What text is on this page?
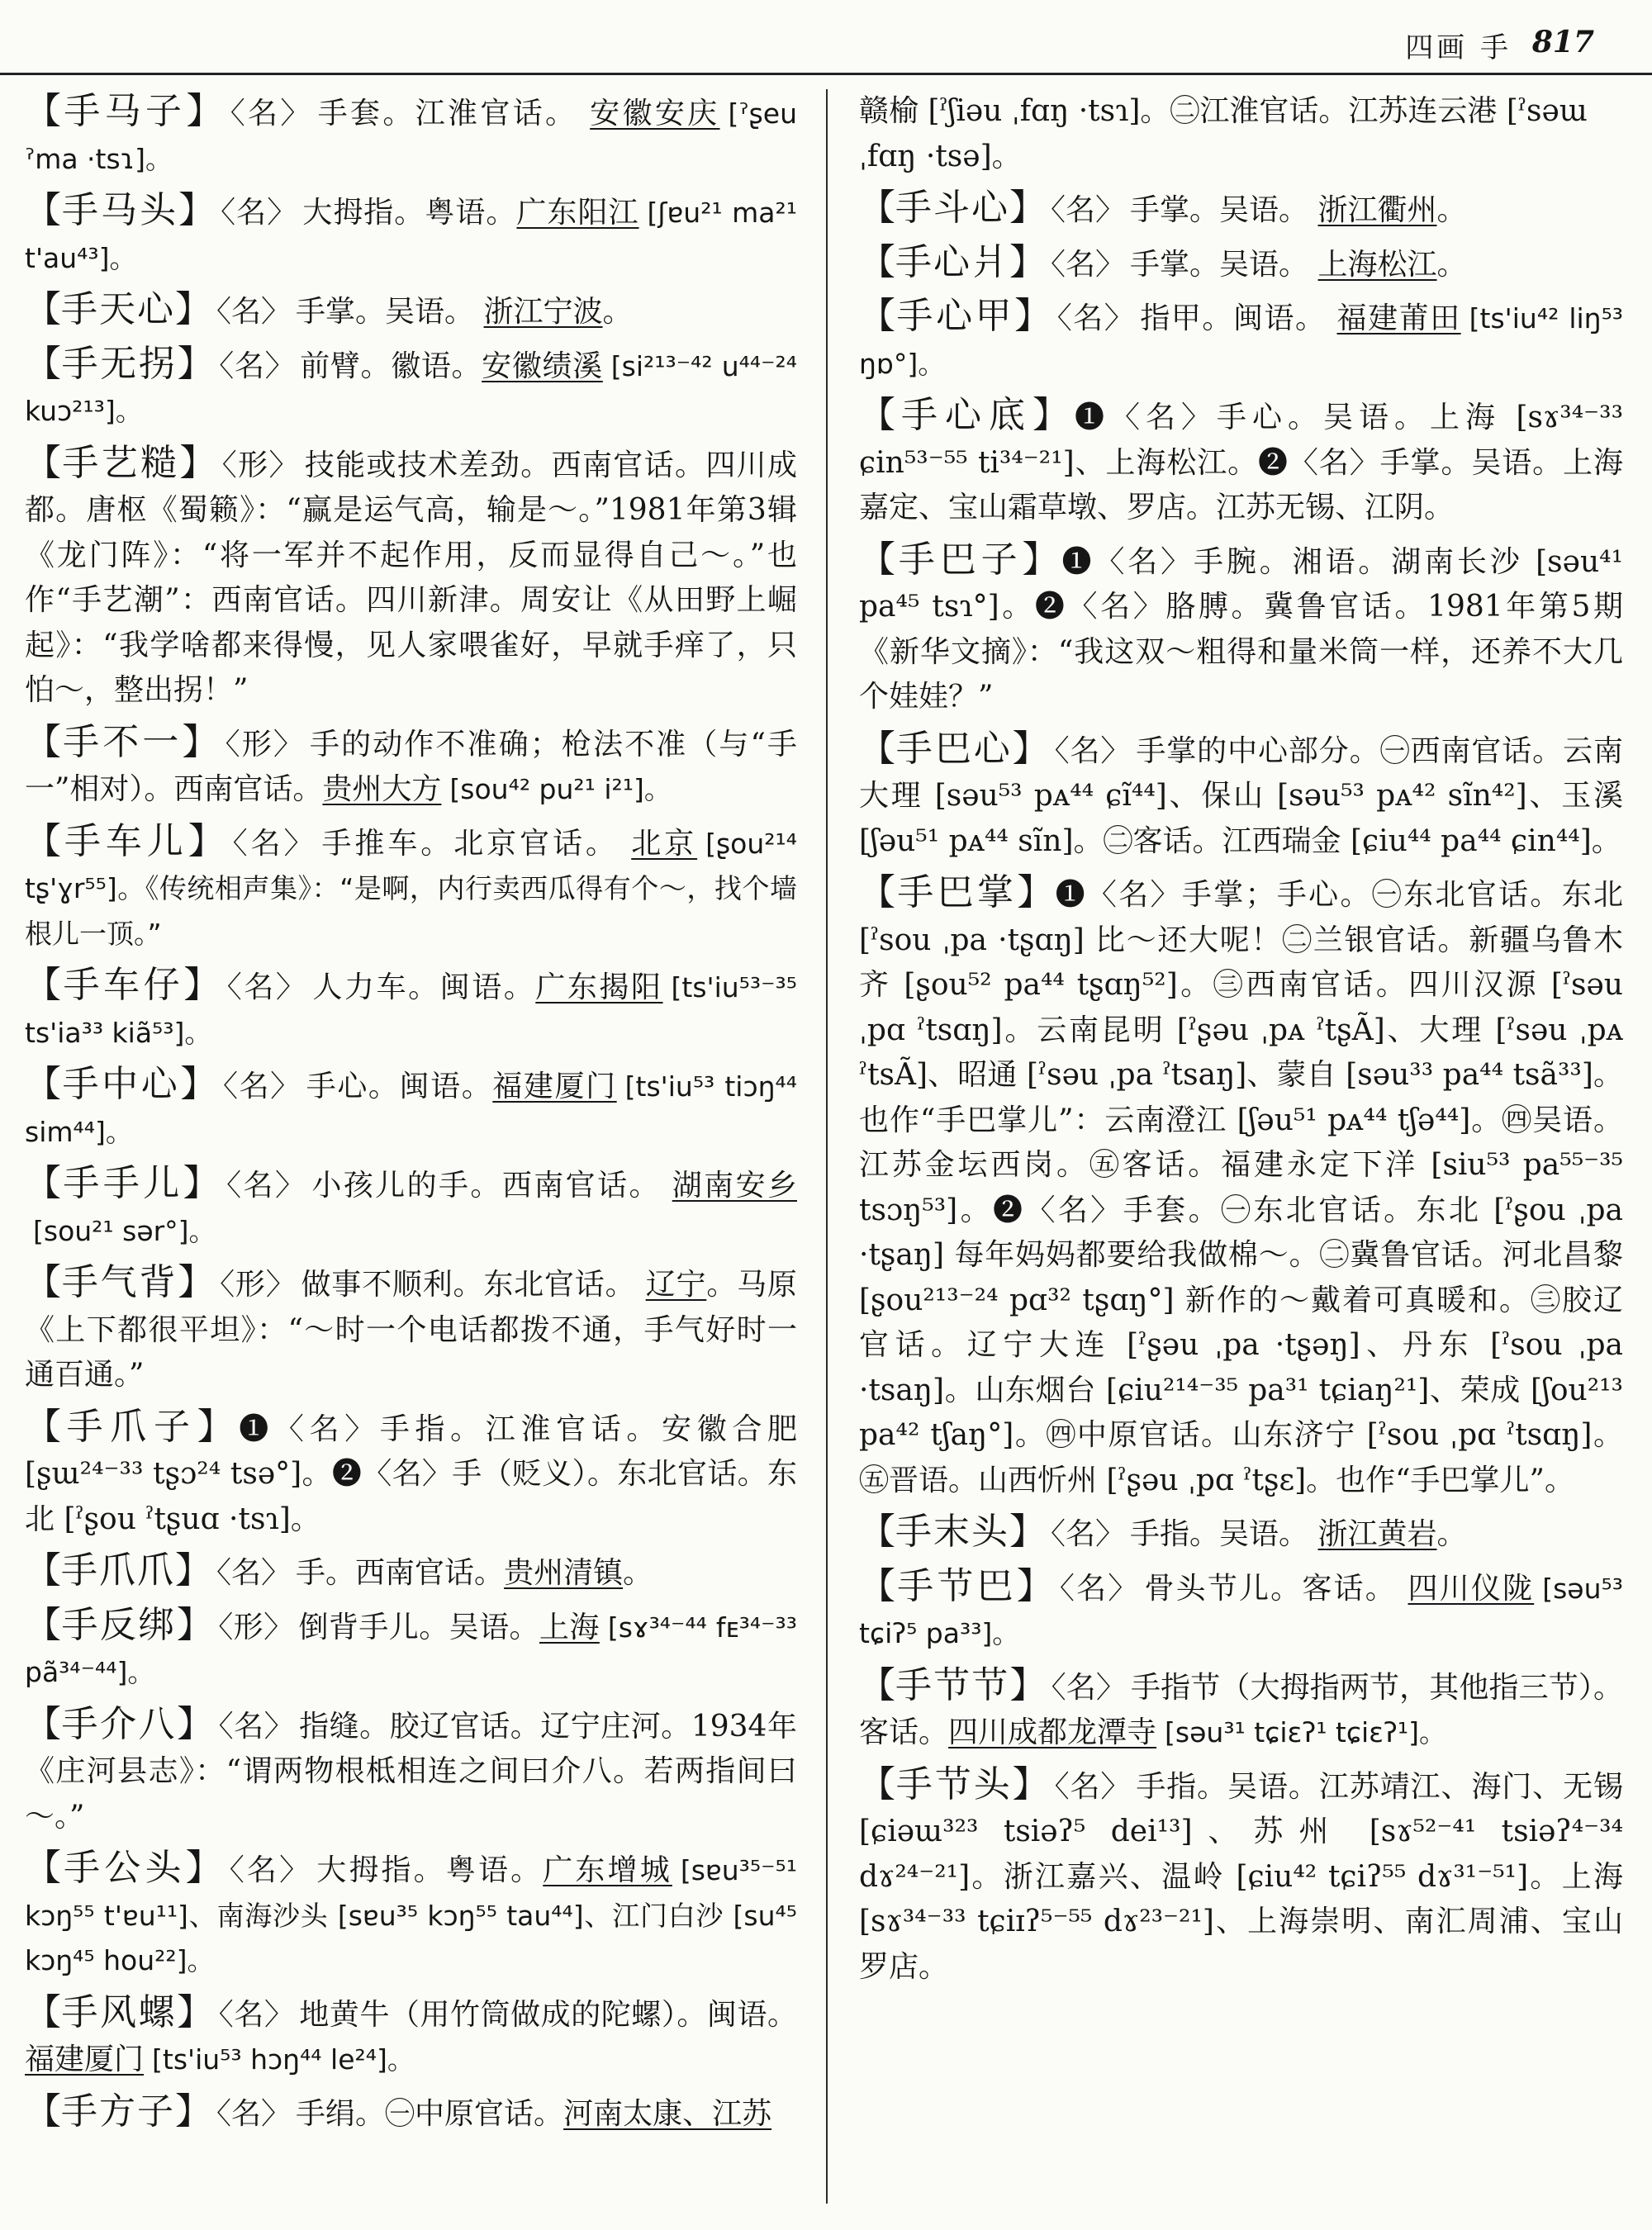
四画 手 817

【手马子】 〈名〉 手套。江淮官话。 安徽安庆 [ˀʂeu ˀma ·tsɿ]。

【手马头】 〈名〉 大拇指。粤语。广东阳江 [ʃɐu²¹ ma²¹ t'au⁴³]。

【手天心】 〈名〉 手掌。吴语。 浙江宁波。

【手无拐】 〈名〉 前臂。徽语。安徽绩溪 [si²¹³⁻⁴² u⁴⁴⁻²⁴ kuɔ²¹³]。

【手艺糙】 〈形〉 技能或技术差劲。西南官话。四川成都。唐枢《蜀籁》：“赢是运气高，输是～。”1981年第3辑《龙门阵》：“将一军并不起作用，反而显得自己～。”也作“手艺潮”：西南官话。四川新津。周安让《从田野上崛起》：“我学啥都来得慢，见人家喂雀好，早就手痒了，只怕～，整出拐！”

【手不一】 〈形〉 手的动作不准确；枪法不准（与“手一”相对）。西南官话。贵州大方 [sou⁴² pu²¹ i²¹]。

【手车儿】 〈名〉 手推车。北京官话。 北京 [ʂou²¹⁴ tʂ'ɣr⁵⁵]。《传统相声集》：“是啊，内行卖西瓜得有个～，找个墙根儿一顶。”

【手车仔】 〈名〉 人力车。闽语。广东揭阳 [ts'iu⁵³⁻³⁵ ts'ia³³ kiã⁵³]。

【手中心】 〈名〉 手心。闽语。福建厦门 [ts'iu⁵³ tiɔŋ⁴⁴ sim⁴⁴]。

【手手儿】 〈名〉 小孩儿的手。西南官话。 湖南安乡[sou²¹ sər°]。

【手气背】 〈形〉 做事不顺利。东北官话。 辽宁。马原《上下都很平坦》：“～时一个电话都拨不通，手气好时一通百通。”

【手爪子】❶〈名〉手指。江淮官话。安徽合肥 [ʂɯ²⁴⁻³³ tʂɔ²⁴ tsə°]。❷〈名〉手（贬义）。东北官话。东北 [ˀʂou ˀtʂuɑ ·tsɿ]。

【手爪爪】 〈名〉 手。西南官话。贵州清镇。

【手反绑】 〈形〉 倒背手儿。吴语。上海 [sɤ³⁴⁻⁴⁴ fᴇ³⁴⁻³³ pã³⁴⁻⁴⁴]。

【手介八】 〈名〉 指缝。胶辽官话。辽宁庄河。1934年《庄河县志》：“谓两物根柢相连之间曰介八。若两指间曰～。”

【手公头】 〈名〉 大拇指。粤语。广东增城 [sɐu³⁵⁻⁵¹ kɔŋ⁵⁵ t'ɐu¹¹]、南海沙头 [sɐu³⁵ kɔŋ⁵⁵ tau⁴⁴]、江门白沙 [su⁴⁵ kɔŋ⁴⁵ hou²²]。

【手风螺】 〈名〉 地黄牛（用竹筒做成的陀螺）。闽语。福建厦门 [ts'iu⁵³ hɔŋ⁴⁴ le²⁴]。

【手方子】 〈名〉 手绢。㊀中原官话。河南太康、江苏

赣榆 [ˀʃiəu ˌfɑŋ ·tsɿ]。㊁江淮官话。江苏连云港 [ˀsəɯ ˌfɑŋ ·tsə]。

【手斗心】 〈名〉 手掌。吴语。 浙江衢州。

【手心爿】 〈名〉 手掌。吴语。 上海松江。

【手心甲】 〈名〉 指甲。闽语。 福建莆田 [ts'iu⁴² liŋ⁵³ ŋɒ°]。

【手心底】❶〈名〉手心。吴语。上海 [sɤ³⁴⁻³³ ɕin⁵³⁻⁵⁵ ti³⁴⁻²¹]、上海松江。❷〈名〉手掌。吴语。上海嘉定、宝山霜草墩、罗店。江苏无锡、江阴。

【手巴子】❶〈名〉手腕。湘语。湖南长沙 [səu⁴¹ pa⁴⁵ tsɿ°]。❷〈名〉胳膊。冀鲁官话。1981年第5期《新华文摘》：“我这双～粗得和量米筒一样，还养不大几个娃娃？”

【手巴心】 〈名〉 手掌的中心部分。㊀西南官话。云南大理 [səu⁵³ pᴀ⁴⁴ ɕĩ⁴⁴]、保山 [səu⁵³ pᴀ⁴² sĩn⁴²]、玉溪 [ʃəu⁵¹ pᴀ⁴⁴ sĩn]。㊁客话。江西瑞金 [ɕiu⁴⁴ pa⁴⁴ ɕin⁴⁴]。

【手巴掌】❶〈名〉手掌；手心。㊀东北官话。东北 [ˀsou ˌpa ·tʂɑŋ] 比～还大呢！㊁兰银官话。新疆乌鲁木齐 [ʂou⁵² pa⁴⁴ tʂɑŋ⁵²]。㊂西南官话。四川汉源 [ˀsəu ˌpɑ ˀtsɑŋ]。云南昆明 [ˀʂəu ˌpᴀ ˀtʂÃ]、大理 [ˀsəu ˌpᴀ ˀtsÃ]、昭通 [ˀsəu ˌpa ˀtsaŋ]、蒙自 [səu³³ pa⁴⁴ tsã³³]。也作“手巴掌儿”：云南澄江 [ʃəu⁵¹ pᴀ⁴⁴ tʃə⁴⁴]。㊃吴语。江苏金坛西岗。㊄客话。福建永定下洋 [siu⁵³ pa⁵⁵⁻³⁵ tsɔŋ⁵³]。❷〈名〉手套。㊀东北官话。东北 [ˀʂou ˌpa ·tʂaŋ] 每年妈妈都要给我做棉～。㊁冀鲁官话。河北昌黎 [ʂou²¹³⁻²⁴ pɑ³² tʂɑŋ°] 新作的～戴着可真暖和。㊂胶辽官话。辽宁大连 [ˀʂəu ˌpa ·tʂəŋ]、丹东 [ˀsou ˌpa ·tsaŋ]。山东烟台 [ɕiu²¹⁴⁻³⁵ pa³¹ tɕiaŋ²¹]、荣成 [ʃou²¹³ pa⁴² tʃaŋ°]。㊃中原官话。山东济宁 [ˀsou ˌpɑ ˀtsɑŋ]。㊄晋语。山西忻州 [ˀʂəu ˌpɑ ˀtʂɛ]。也作“手巴掌儿”。

【手末头】 〈名〉 手指。吴语。 浙江黄岩。

【手节巴】 〈名〉 骨头节儿。客话。 四川仪陇 [səu⁵³ tɕiʔ⁵ pa³³]。

【手节节】 〈名〉 手指节（大拇指两节，其他指三节）。客话。四川成都龙潭寺 [səu³¹ tɕiɛʔ¹ tɕiɛʔ¹]。

【手节头】 〈名〉 手指。吴语。江苏靖江、海门、无锡 [ɕiəɯ³²³ tsiəʔ⁵ dei¹³]、苏州 [sɤ⁵²⁻⁴¹ tsiəʔ⁴⁻³⁴ dɤ²⁴⁻²¹]。浙江嘉兴、温岭 [ɕiu⁴² tɕiʔ⁵⁵ dɤ³¹⁻⁵¹]。上海 [sɤ³⁴⁻³³ tɕiɪʔ⁵⁻⁵⁵ dɤ²³⁻²¹]、上海崇明、南汇周浦、宝山罗店。
